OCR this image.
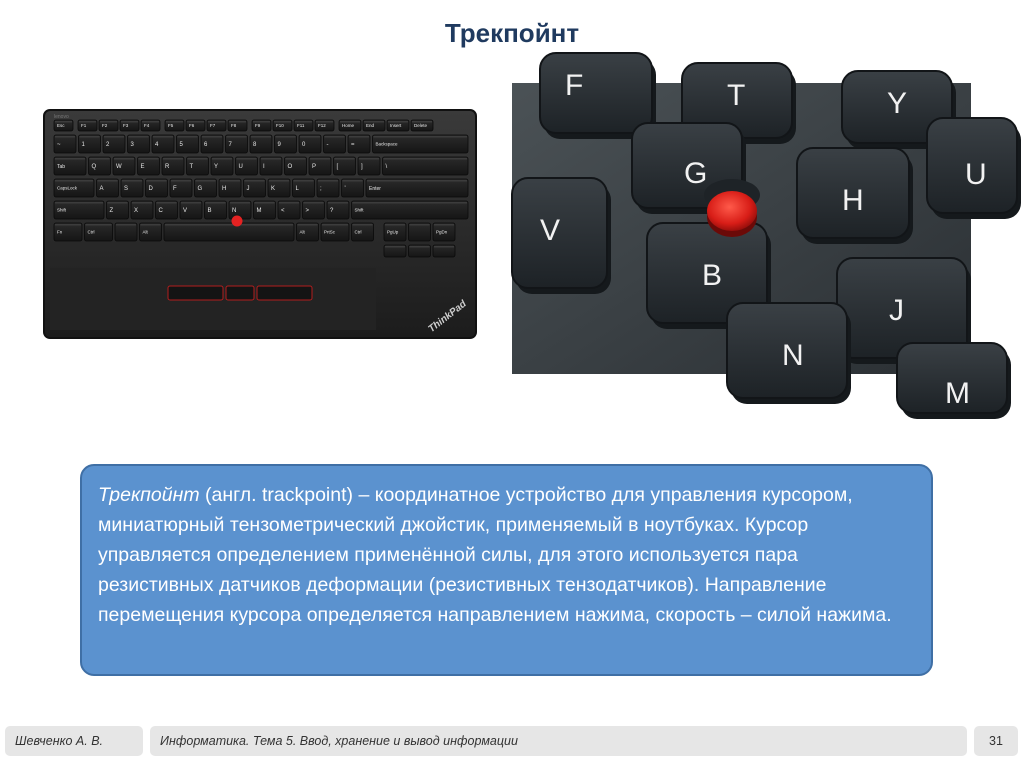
Трекпойнт
lenovo
Esc	F1	F2	F3	F4	F5	F6	F7	F8	F9	F10	F11	F12	Home	End	Insert	Delete
~	1	2	3	4	5	6	7	8	9	0	-	=	Backspace
Tab	Q	W	E	R	T	Y	U	I	O	P	[	]	\
CapsLock	A	S	D	F	G	H	J	K	L	;	'	Enter
Shift	Z	X	C	V	B	N	M	<	>	?	Shift
Fn	Ctrl	Alt	Alt	PrtSc	Ctrl	PgUp	PgDn
ThinkPad
F	T	Y
G
H
U
V
B
J
N
M
Трекпойнт (англ. trackpoint) – координатное устройство для управления курсором, миниатюрный тензометрический джойстик, применяемый в ноутбуках. Курсор управляется определением применённой силы, для этого используется пара резистивных датчиков деформации (резистивных тензодатчиков). Направление перемещения курсора определяется направлением нажима, скорость – силой нажима.
Шевченко А. В.	Информатика. Тема 5. Ввод, хранение и вывод информации	31
